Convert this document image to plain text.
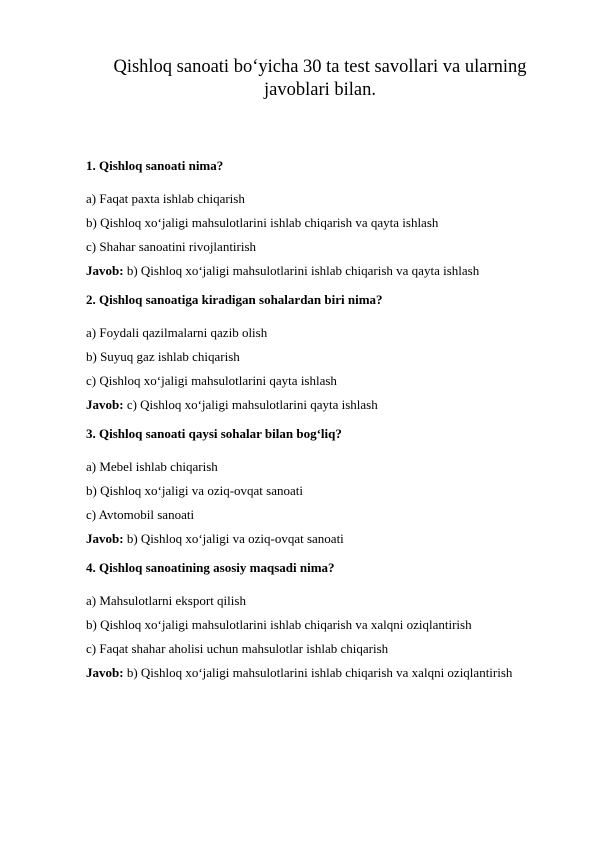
Qishloq sanoati bo‘yicha 30 ta test savollari va ularning javoblari bilan.

1. Qishloq sanoati nima?

a) Faqat paxta ishlab chiqarish

b) Qishloq xo‘jaligi mahsulotlarini ishlab chiqarish va qayta ishlash

c) Shahar sanoatini rivojlantirish

Javob: b) Qishloq xo‘jaligi mahsulotlarini ishlab chiqarish va qayta ishlash

2. Qishloq sanoatiga kiradigan sohalardan biri nima?

a) Foydali qazilmalarni qazib olish

b) Suyuq gaz ishlab chiqarish

c) Qishloq xo‘jaligi mahsulotlarini qayta ishlash

Javob: c) Qishloq xo‘jaligi mahsulotlarini qayta ishlash

3. Qishloq sanoati qaysi sohalar bilan bog‘liq?

a) Mebel ishlab chiqarish

b) Qishloq xo‘jaligi va oziq-ovqat sanoati

c) Avtomobil sanoati

Javob: b) Qishloq xo‘jaligi va oziq-ovqat sanoati

4. Qishloq sanoatining asosiy maqsadi nima?

a) Mahsulotlarni eksport qilish

b) Qishloq xo‘jaligi mahsulotlarini ishlab chiqarish va xalqni oziqlantirish

c) Faqat shahar aholisi uchun mahsulotlar ishlab chiqarish

Javob: b) Qishloq xo‘jaligi mahsulotlarini ishlab chiqarish va xalqni oziqlantirish
